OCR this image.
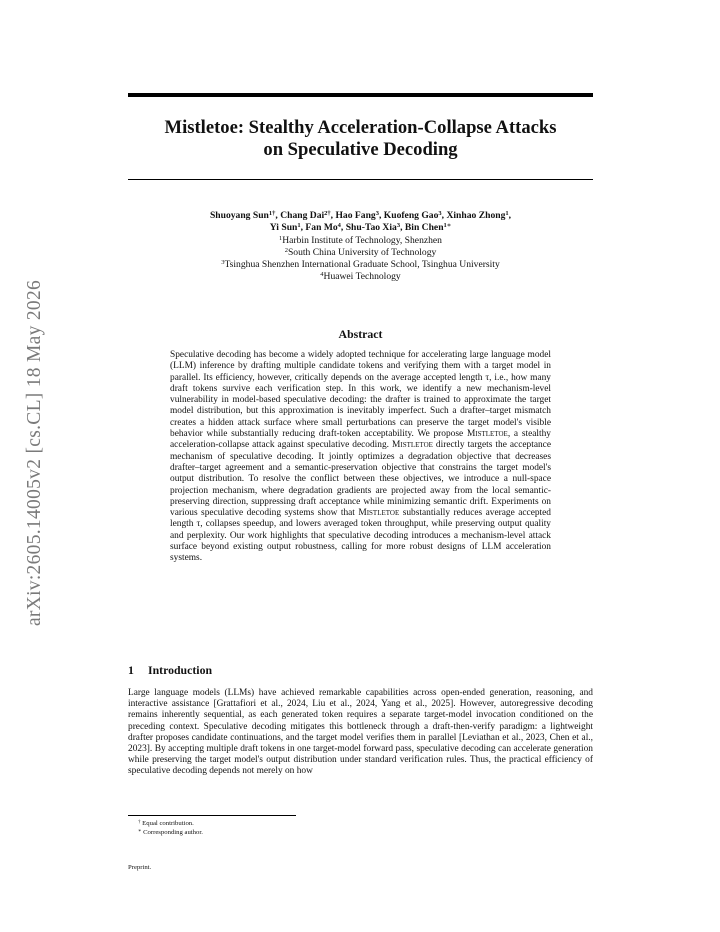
arXiv:2605.14005v2 [cs.CL] 18 May 2026
Mistletoe: Stealthy Acceleration-Collapse Attacks
on Speculative Decoding
Shuoyang Sun$^{1\dagger}$, Chang Dai$^{2\dagger}$, Hao Fang$^3$, Kuofeng Gao$^3$, Xinhao Zhong$^1$,
Yi Sun$^1$, Fan Mo$^4$, Shu-Tao Xia$^3$, Bin Chen$^{1∗}$
$^1$Harbin Institute of Technology, Shenzhen
$^2$South China University of Technology
$^3$Tsinghua Shenzhen International Graduate School, Tsinghua University
$^4$Huawei Technology
Abstract

Speculative decoding has become a widely adopted technique for accelerating large language model (LLM) inference by drafting multiple candidate tokens and verifying them with a target model in parallel. Its efficiency, however, critically depends on the average accepted length τ, i.e., how many draft tokens survive each verification step. In this work, we identify a new mechanism-level vulnerability in model-based speculative decoding: the drafter is trained to approximate the target model distribution, but this approximation is inevitably imperfect. Such a drafter–target mismatch creates a hidden attack surface where small perturbations can preserve the target model's visible behavior while substantially reducing draft-token acceptability. We propose Mistletoe, a stealthy acceleration-collapse attack against speculative decoding. Mistletoe directly targets the acceptance mechanism of speculative decoding. It jointly optimizes a degradation objective that decreases drafter–target agreement and a semantic-preservation objective that constrains the target model's output distribution. To resolve the conflict between these objectives, we introduce a null-space projection mechanism, where degradation gradients are projected away from the local semantic-preserving direction, suppressing draft acceptance while minimizing semantic drift. Experiments on various speculative decoding systems show that Mistletoe substantially reduces average accepted length τ, collapses speedup, and lowers averaged token throughput, while preserving output quality and perplexity. Our work highlights that speculative decoding introduces a mechanism-level attack surface beyond existing output robustness, calling for more robust designs of LLM acceleration systems.

1 Introduction

Large language models (LLMs) have achieved remarkable capabilities across open-ended generation, reasoning, and interactive assistance [Grattafiori et al., 2024, Liu et al., 2024, Yang et al., 2025]. However, autoregressive decoding remains inherently sequential, as each generated token requires a separate target-model invocation conditioned on the preceding context. Speculative decoding mitigates this bottleneck through a draft-then-verify paradigm: a lightweight drafter proposes candidate continuations, and the target model verifies them in parallel [Leviathan et al., 2023, Chen et al., 2023]. By accepting multiple draft tokens in one target-model forward pass, speculative decoding can accelerate generation while preserving the target model's output distribution under standard verification rules. Thus, the practical efficiency of speculative decoding depends not merely on how

† Equal contribution.
∗ Corresponding author.
Preprint.
